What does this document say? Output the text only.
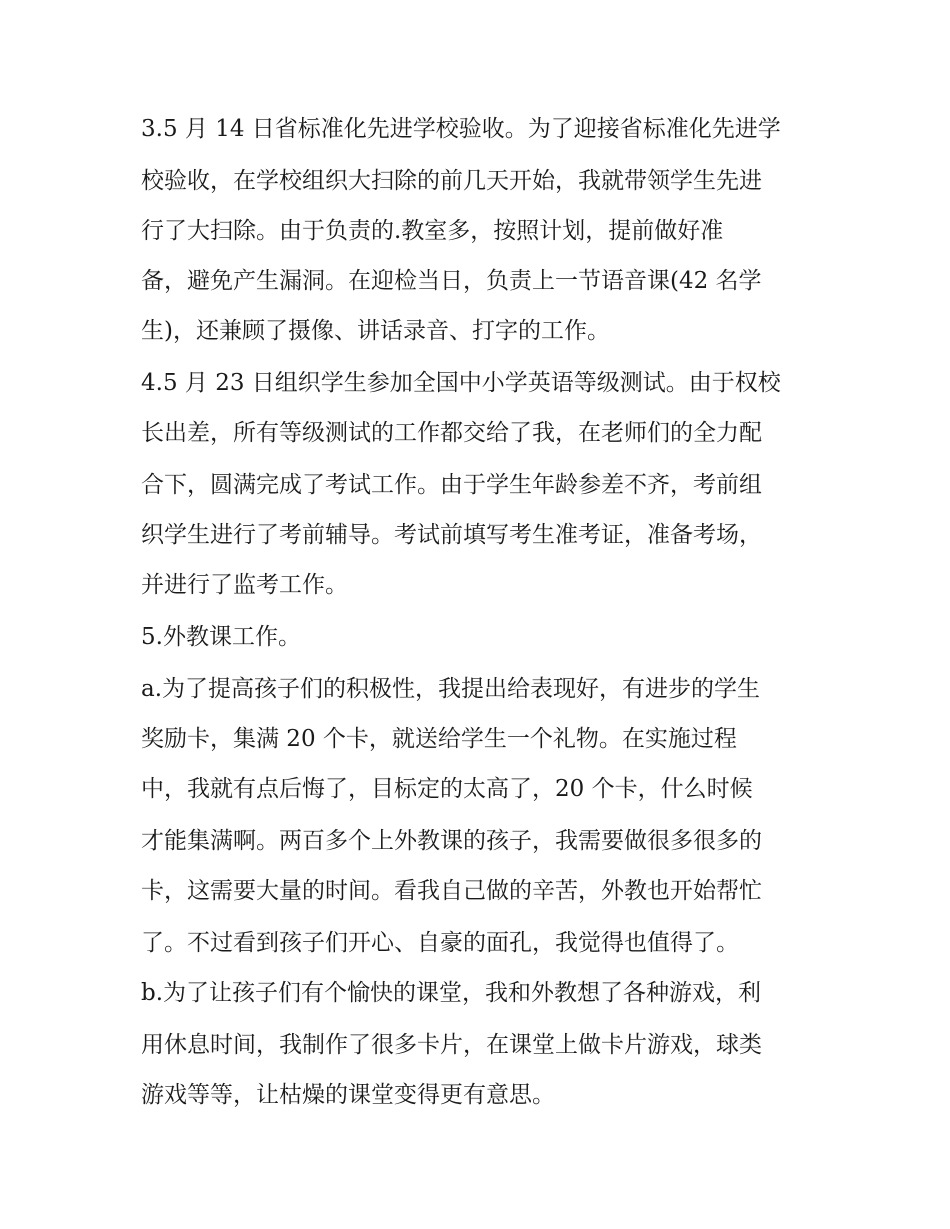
3.5 月 14 日省标准化先进学校验收。为了迎接省标准化先进学
校验收，在学校组织大扫除的前几天开始，我就带领学生先进
行了大扫除。由于负责的.教室多，按照计划，提前做好准
备，避免产生漏洞。在迎检当日，负责上一节语音课(42 名学
生)，还兼顾了摄像、讲话录音、打字的工作。
4.5 月 23 日组织学生参加全国中小学英语等级测试。由于权校
长出差，所有等级测试的工作都交给了我，在老师们的全力配
合下，圆满完成了考试工作。由于学生年龄参差不齐，考前组
织学生进行了考前辅导。考试前填写考生准考证，准备考场，
并进行了监考工作。
5.外教课工作。
a.为了提高孩子们的积极性，我提出给表现好，有进步的学生
奖励卡，集满 20 个卡，就送给学生一个礼物。在实施过程
中，我就有点后悔了，目标定的太高了，20 个卡，什么时候
才能集满啊。两百多个上外教课的孩子，我需要做很多很多的
卡，这需要大量的时间。看我自己做的辛苦，外教也开始帮忙
了。不过看到孩子们开心、自豪的面孔，我觉得也值得了。
b.为了让孩子们有个愉快的课堂，我和外教想了各种游戏，利
用休息时间，我制作了很多卡片，在课堂上做卡片游戏，球类
游戏等等，让枯燥的课堂变得更有意思。
